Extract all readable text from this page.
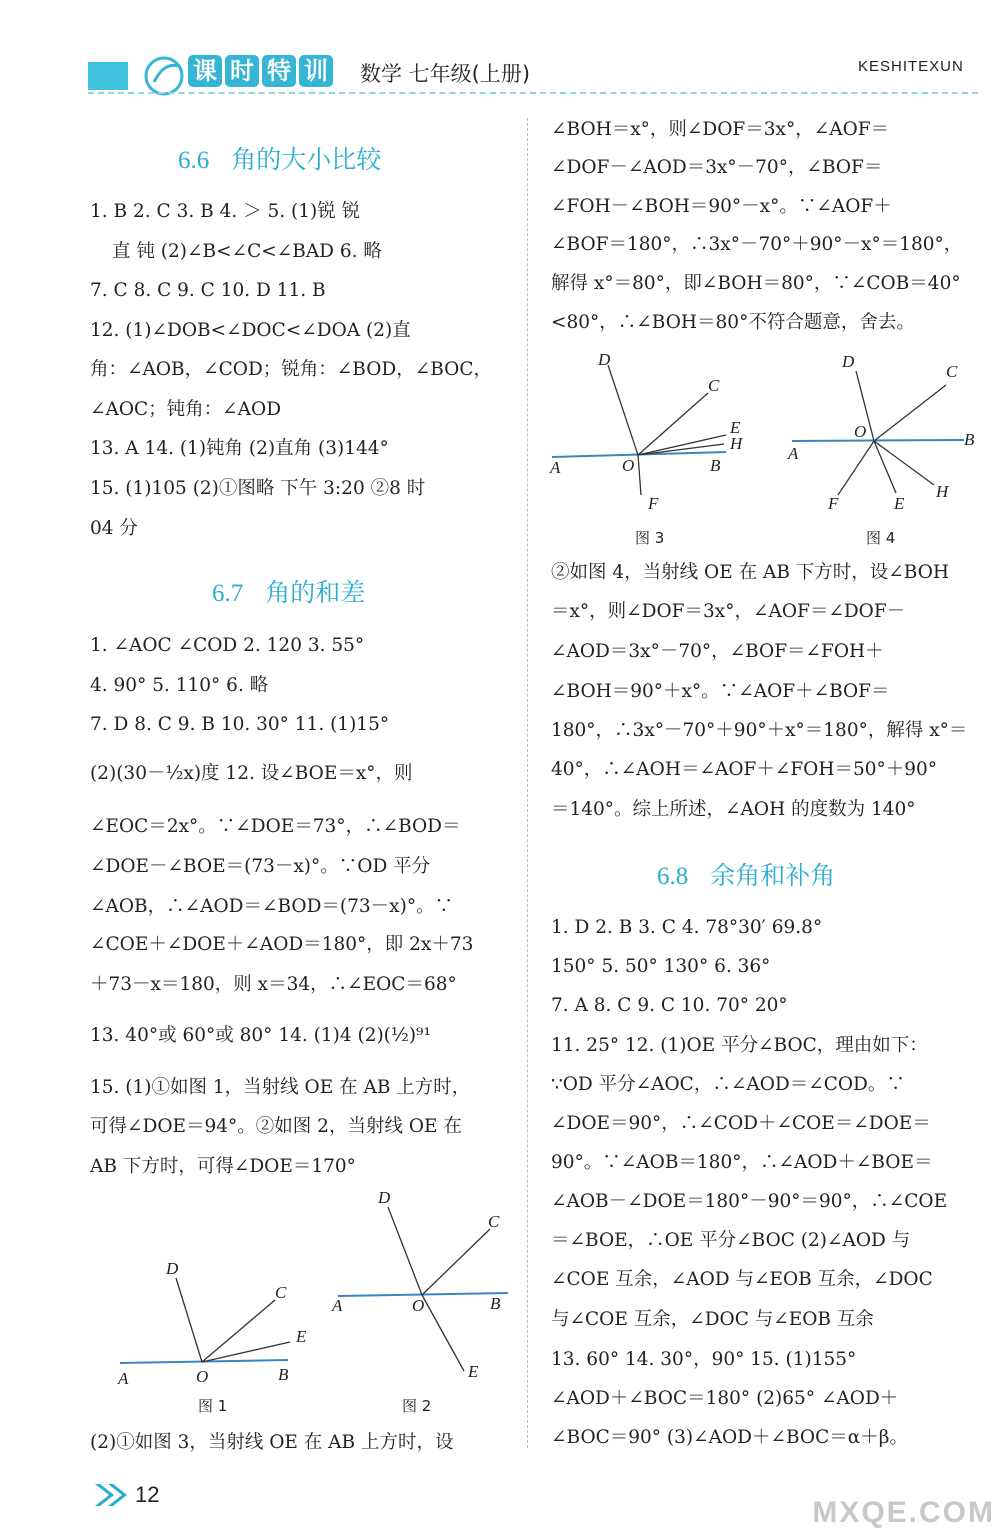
课 时 特 训	数学 七年级(上册)	KESHITEXUN
6.6 角的大小比较
6.7 角的和差
6.8 余角和补角
1. B 2. C 3. B 4. ＞ 5. (1)锐 锐
直 钝 (2)∠B<∠C<∠BAD 6. 略
7. C 8. C 9. C 10. D 11. B
12. (1)∠DOB<∠DOC<∠DOA (2)直
角：∠AOB，∠COD；锐角：∠BOD，∠BOC，
∠AOC；钝角：∠AOD
13. A 14. (1)钝角 (2)直角 (3)144°
15. (1)105 (2)①图略 下午 3:20 ②8 时
04 分
1. ∠AOC ∠COD 2. 120 3. 55°
4. 90° 5. 110° 6. 略
7. D 8. C 9. B 10. 30° 11. (1)15°
(2)(30－½x)度 12. 设∠BOE＝x°，则
∠EOC＝2x°。∵∠DOE＝73°，∴∠BOD＝
∠DOE－∠BOE＝(73－x)°。∵OD 平分
∠AOB，∴∠AOD＝∠BOD＝(73－x)°。∵
∠COE＋∠DOE＋∠AOD＝180°，即 2x＋73
＋73－x＝180，则 x＝34，∴∠EOC＝68°
13. 40°或 60°或 80° 14. (1)4 (2)(½)⁹¹
15. (1)①如图 1，当射线 OE 在 AB 上方时，
可得∠DOE＝94°。②如图 2，当射线 OE 在
AB 下方时，可得∠DOE＝170°
(2)①如图 3，当射线 OE 在 AB 上方时，设
∠BOH＝x°，则∠DOF＝3x°，∠AOF＝
∠DOF－∠AOD＝3x°－70°，∠BOF＝
∠FOH－∠BOH＝90°－x°。∵∠AOF＋
∠BOF＝180°，∴3x°－70°＋90°－x°＝180°，
解得 x°＝80°，即∠BOH＝80°，∵∠COB＝40°
<80°，∴∠BOH＝80°不符合题意，舍去。
②如图 4，当射线 OE 在 AB 下方时，设∠BOH
＝x°，则∠DOF＝3x°，∠AOF＝∠DOF－
∠AOD＝3x°－70°，∠BOF＝∠FOH＋
∠BOH＝90°＋x°。∵∠AOF＋∠BOF＝
180°，∴3x°－70°＋90°＋x°＝180°，解得 x°＝
40°，∴∠AOH＝∠AOF＋∠FOH＝50°＋90°
＝140°。综上所述，∠AOH 的度数为 140°
1. D 2. B 3. C 4. 78°30′ 69.8°
150° 5. 50° 130° 6. 36°
7. A 8. C 9. C 10. 70° 20°
11. 25° 12. (1)OE 平分∠BOC，理由如下：
∵OD 平分∠AOC，∴∠AOD＝∠COD。∵
∠DOE＝90°，∴∠COD＋∠COE＝∠DOE＝
90°。∵∠AOB＝180°，∴∠AOD＋∠BOE＝
∠AOB－∠DOE＝180°－90°＝90°，∴∠COE
＝∠BOE，∴OE 平分∠BOC (2)∠AOD 与
∠COE 互余，∠AOD 与∠EOB 互余，∠DOC
与∠COE 互余，∠DOC 与∠EOB 互余
13. 60° 14. 30°，90° 15. (1)155°
∠AOD＋∠BOC＝180° (2)65° ∠AOD＋
∠BOC＝90° (3)∠AOD＋∠BOC＝α＋β。
D
C
E
A	O	B
图 1
D
C
A	O	B
E
图 2
D
C
E
H
A	O	B
F
图 3
D
C
O	B
A
F	E
H
图 4
12
MXQE.COM
